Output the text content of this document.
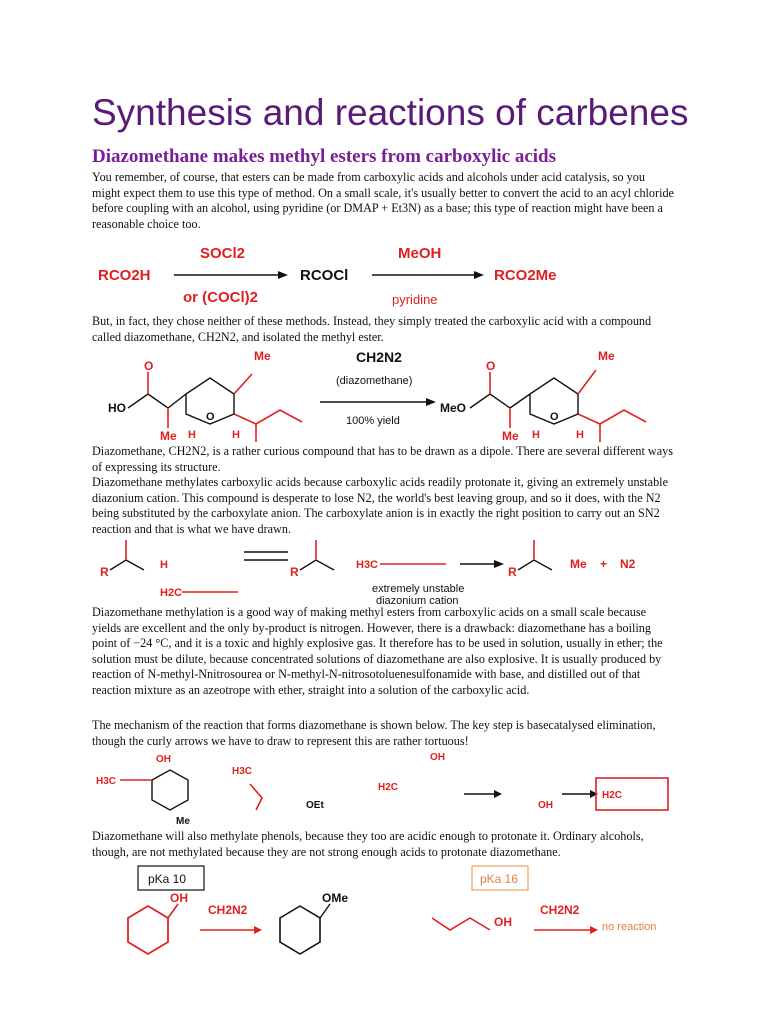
Synthesis and reactions of carbenes
Diazomethane makes methyl esters from carboxylic acids

You remember, of course, that esters can be made from carboxylic acids and alcohols under acid catalysis, so you might expect them to use this type of method. On a small scale, it's usually better to convert the acid to an acyl chloride before coupling with an alcohol, using pyridine (or DMAP + Et3N) as a base; this type of reaction might have been a reasonable choice too.

RCO2H
SOCl2
or (COCl)2
RCOCl
MeOH
pyridine
RCO2Me

But, in fact, they chose neither of these methods. Instead, they simply treated the carboxylic acid with a compound called diazomethane, CH2N2, and isolated the methyl ester.

HO
O
Me
O
Me
H	H
CH2N2
(diazomethane)
100% yield
MeO
O
Me
O
Me
H	H

Diazomethane, CH2N2, is a rather curious compound that has to be drawn as a dipole. There are several different ways of expressing its structure.

Diazomethane methylates carboxylic acids because carboxylic acids readily protonate it, giving an extremely unstable diazonium cation. This compound is desperate to lose N2, the world's best leaving group, and so it does, with the N2 being substituted by the carboxylate anion. The carboxylate anion is in exactly the right position to carry out an SN2 reaction and that is what we have drawn.

R	H
H2C
R	H3C
extremely unstable
diazonium cation
R
Me + N2

Diazomethane methylation is a good way of making methyl esters from carboxylic acids on a small scale because yields are excellent and the only by-product is nitrogen. However, there is a drawback: diazomethane has a boiling point of −24 °C, and it is a toxic and highly explosive gas. It therefore has to be used in solution, usually in ether; the solution must be dilute, because concentrated solutions of diazomethane are also explosive. It is usually produced by reaction of N-methyl-Nnitrosourea or N-methyl-N-nitrosotoluenesulfonamide with base, and distilled out of that reaction mixture as an azeotrope with ether, straight into a solution of the carboxylic acid.

The mechanism of the reaction that forms diazomethane is shown below. The key step is basecatalysed elimination, though the curly arrows we have to draw to represent this are rather tortuous!

H3C
Me
OH
H3C
OEt
H2C
OH
OH
H2C

Diazomethane will also methylate phenols, because they too are acidic enough to protonate it. Ordinary alcohols, though, are not methylated because they are not strong enough acids to protonate diazomethane.

pKa 10
OH
CH2N2
OMe
pKa 16
OH
CH2N2
no reaction
